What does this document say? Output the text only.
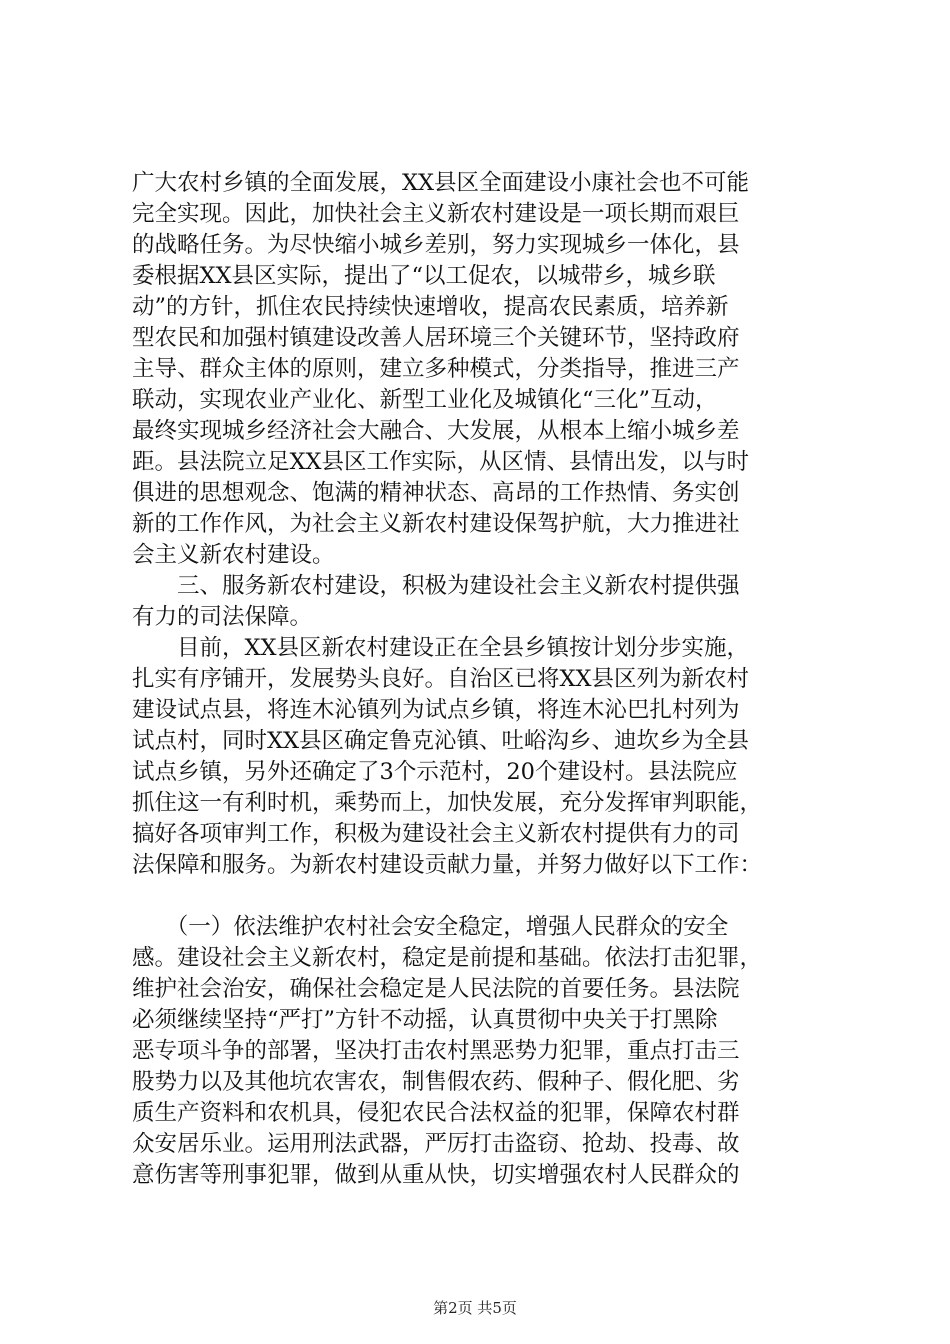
广大农村乡镇的全面发展，XX县区全面建设小康社会也不可能
完全实现。因此，加快社会主义新农村建设是一项长期而艰巨
的战略任务。为尽快缩小城乡差别，努力实现城乡一体化，县
委根据XX县区实际，提出了“以工促农，以城带乡，城乡联
动”的方针，抓住农民持续快速增收，提高农民素质，培养新
型农民和加强村镇建设改善人居环境三个关键环节，坚持政府
主导、群众主体的原则，建立多种模式，分类指导，推进三产
联动，实现农业产业化、新型工业化及城镇化“三化”互动，
最终实现城乡经济社会大融合、大发展，从根本上缩小城乡差
距。县法院立足XX县区工作实际，从区情、县情出发，以与时
俱进的思想观念、饱满的精神状态、高昂的工作热情、务实创
新的工作作风，为社会主义新农村建设保驾护航，大力推进社
会主义新农村建设。
　　三、服务新农村建设，积极为建设社会主义新农村提供强
有力的司法保障。
　　目前，XX县区新农村建设正在全县乡镇按计划分步实施，
扎实有序铺开，发展势头良好。自治区已将XX县区列为新农村
建设试点县，将连木沁镇列为试点乡镇，将连木沁巴扎村列为
试点村，同时XX县区确定鲁克沁镇、吐峪沟乡、迪坎乡为全县
试点乡镇，另外还确定了3个示范村，20个建设村。县法院应
抓住这一有利时机，乘势而上，加快发展，充分发挥审判职能，
搞好各项审判工作，积极为建设社会主义新农村提供有力的司
法保障和服务。为新农村建设贡献力量，并努力做好以下工作：
　　（一）依法维护农村社会安全稳定，增强人民群众的安全
感。建设社会主义新农村，稳定是前提和基础。依法打击犯罪，
维护社会治安，确保社会稳定是人民法院的首要任务。县法院
必须继续坚持“严打”方针不动摇，认真贯彻中央关于打黑除
恶专项斗争的部署，坚决打击农村黑恶势力犯罪，重点打击三
股势力以及其他坑农害农，制售假农药、假种子、假化肥、劣
质生产资料和农机具，侵犯农民合法权益的犯罪，保障农村群
众安居乐业。运用刑法武器，严厉打击盗窃、抢劫、投毒、故
意伤害等刑事犯罪，做到从重从快，切实增强农村人民群众的
第2页 共5页
